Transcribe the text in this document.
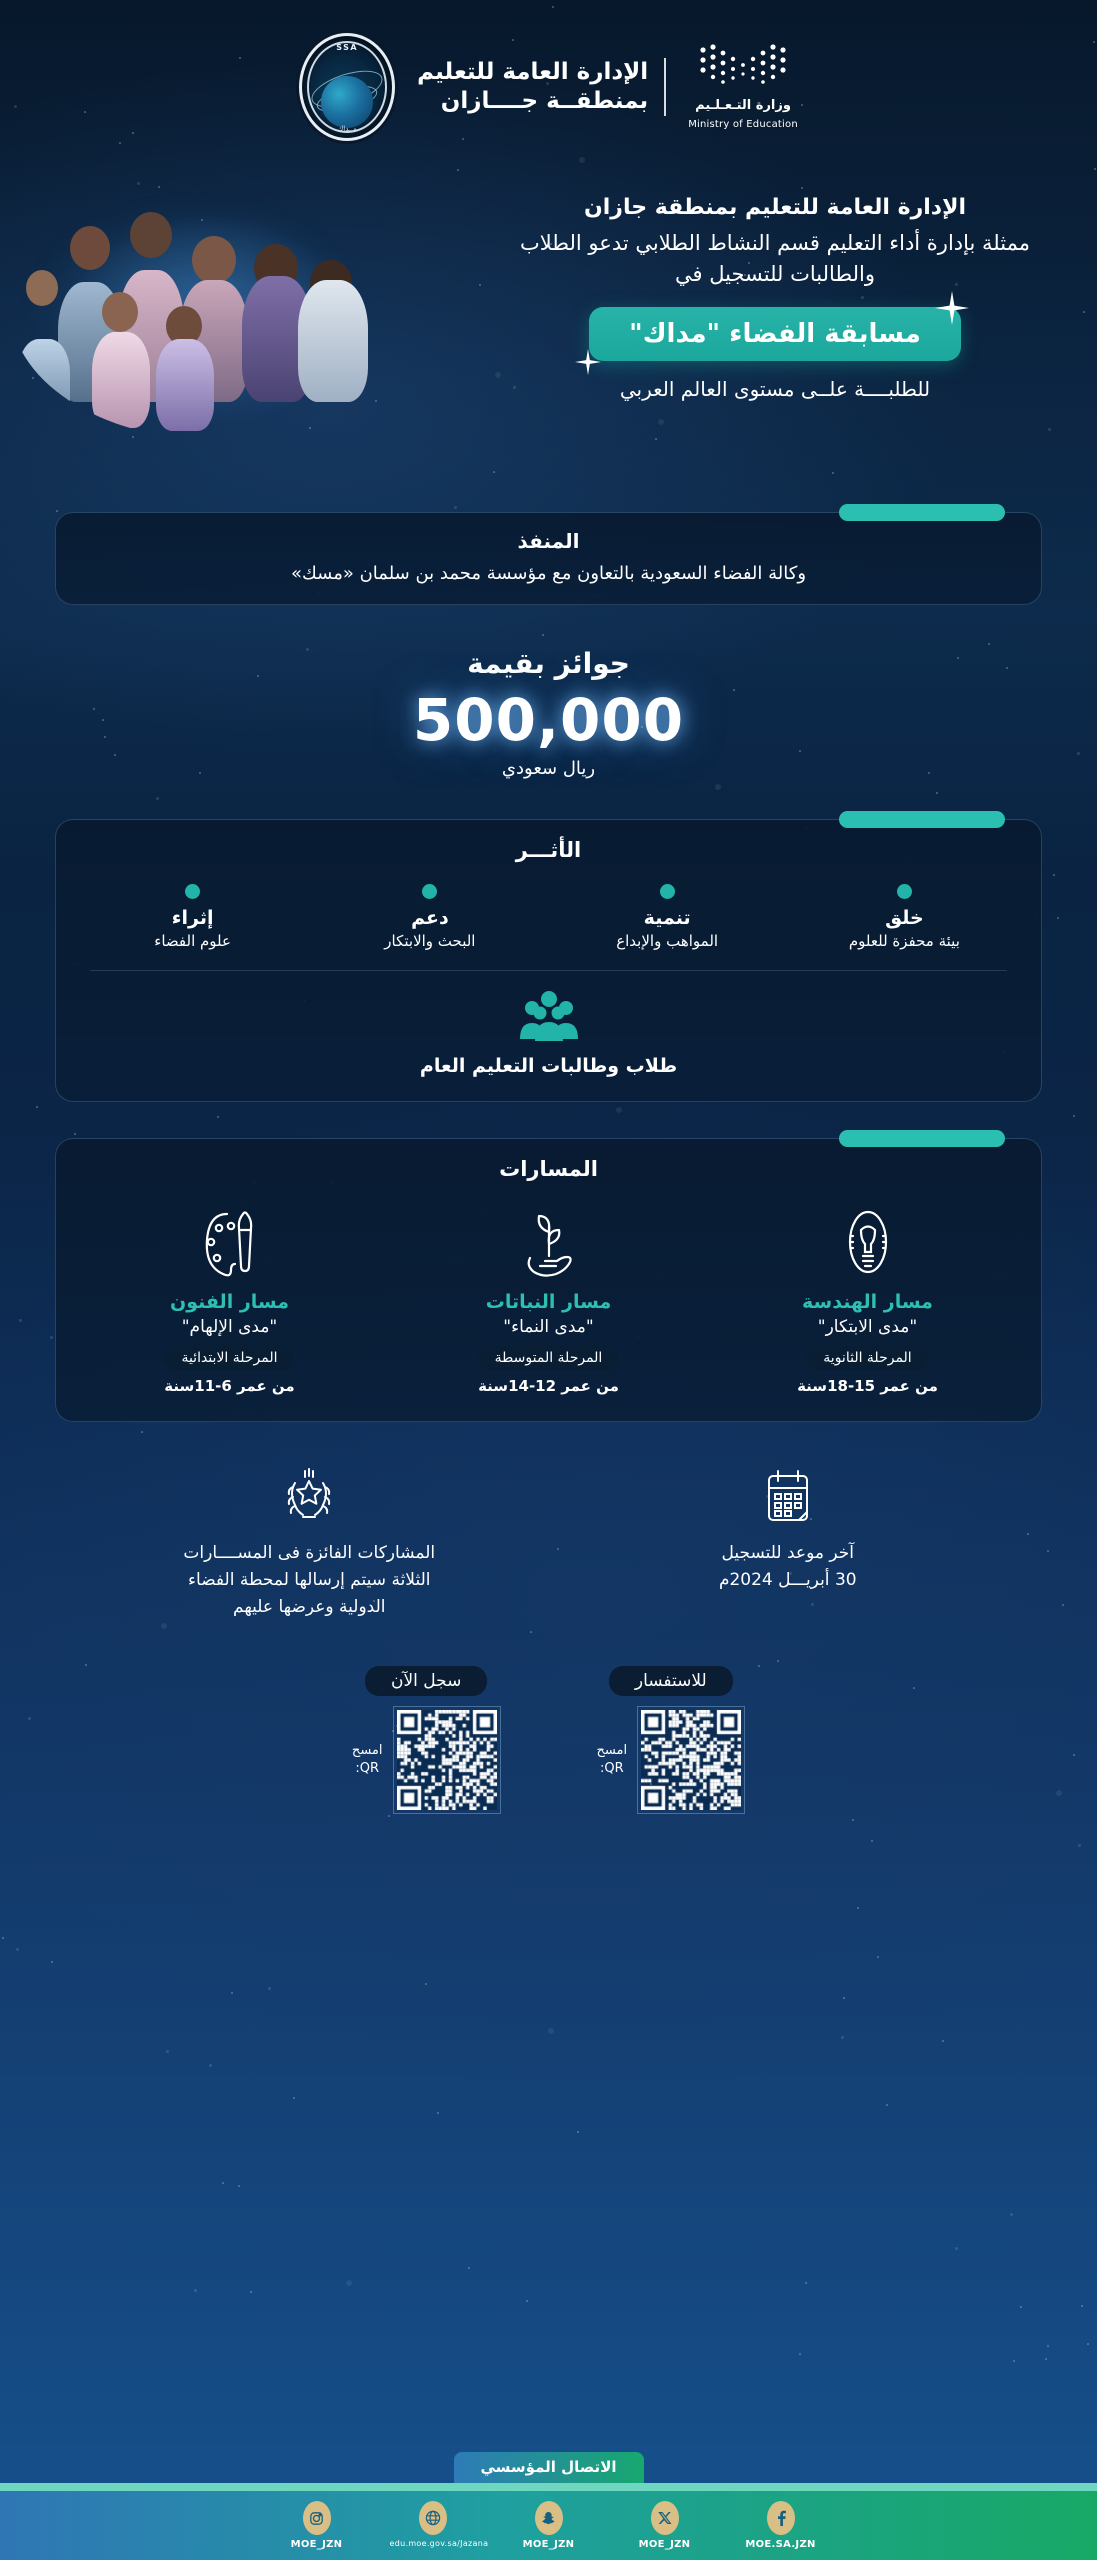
وزارة التـعـلـيم
Ministry of Education
الإدارة العامة للتعليم
بمنطقــة جــــازان
SSA
مــداك
الإدارة العامة للتعليم بمنطقة جازان
ممثلة بإدارة أداء التعليم قسم النشاط الطلابي تدعو الطلاب والطالبات للتسجيل في
مسابقة الفضاء "مداك"
للطلبــــة علــى مستوى العالم العربي
المنفذ
وكالة الفضاء السعودية بالتعاون مع مؤسسة محمد بن سلمان «مسك»
جوائز بقيمة
500,000
ريال سعودي
الأثـــر
خلق
بيئة محفزة للعلوم
تنمية
المواهب والإبداع
دعم
البحث والابتكار
إثراء
علوم الفضاء
طلاب وطالبات التعليم العام
المسارات
مسار الهندسة
"مدى الابتكار"
المرحلة الثانوية
من عمر 15-18سنة
مسار النباتات
"مدى النماء"
المرحلة المتوسطة
من عمر 12-14سنة
مسار الفنون
"مدى الإلهام"
المرحلة الابتدائية
من عمر 6-11سنة
آخر موعد للتسجيل
30 أبريـــل 2024م
المشاركات الفائزة فى المســــارات
الثلاثة سيتم إرسالها لمحطة الفضاء
الدولية وعرضها عليهم
للاستفسار
امسح
QR:
سجل الآن
امسح
QR:
الاتصال المؤسسي
MOE.SA.JZN
MOE_JZN
MOE_JZN
edu.moe.gov.sa/Jazana
MOE_JZN
